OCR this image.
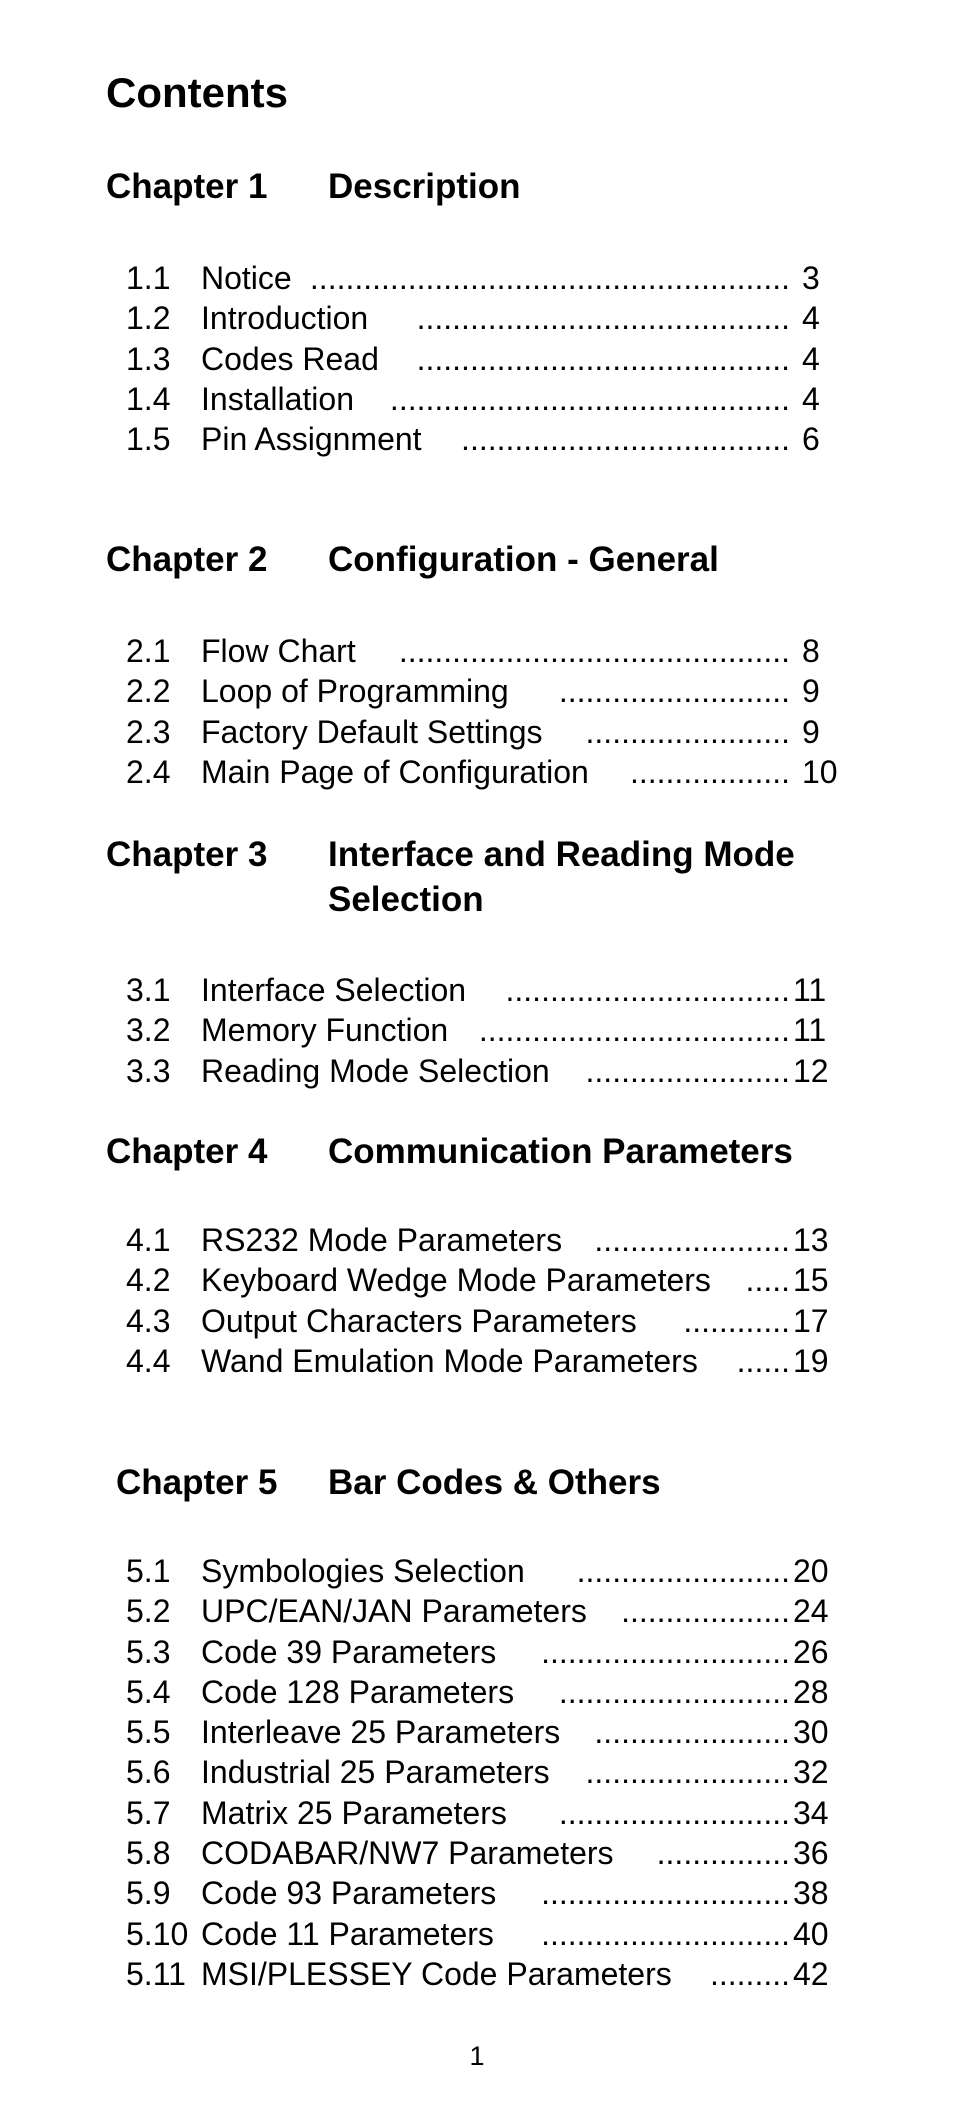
Contents
Chapter 1 Description
1.1 Notice ...................................................... 3
1.2 Introduction .......................................... 4
1.3 Codes Read .......................................... 4
1.4 Installation ............................................. 4
1.5 Pin Assignment ..................................... 6
Chapter 2 Configuration - General
2.1 Flow Chart ............................................ 8
2.2 Loop of Programming .......................... 9
2.3 Factory Default Settings ....................... 9
2.4 Main Page of Configuration .................. 10
Chapter 3 Interface and Reading Mode Selection
3.1 Interface Selection ................................ 11
3.2 Memory Function ................................... 11
3.3 Reading Mode Selection ....................... 12
Chapter 4 Communication Parameters
4.1 RS232 Mode Parameters ...................... 13
4.2 Keyboard Wedge Mode Parameters ..... 15
4.3 Output Characters Parameters ............ 17
4.4 Wand Emulation Mode Parameters ...... 19
Chapter 5 Bar Codes & Others
5.1 Symbologies Selection ........................ 20
5.2 UPC/EAN/JAN Parameters ................... 24
5.3 Code 39 Parameters ............................ 26
5.4 Code 128 Parameters .......................... 28
5.5 Interleave 25 Parameters ...................... 30
5.6 Industrial 25 Parameters ....................... 32
5.7 Matrix 25 Parameters .......................... 34
5.8 CODABAR/NW7 Parameters ............... 36
5.9 Code 93 Parameters ............................ 38
5.10 Code 11 Parameters ............................ 40
5.11 MSI/PLESSEY Code Parameters ......... 42
1
